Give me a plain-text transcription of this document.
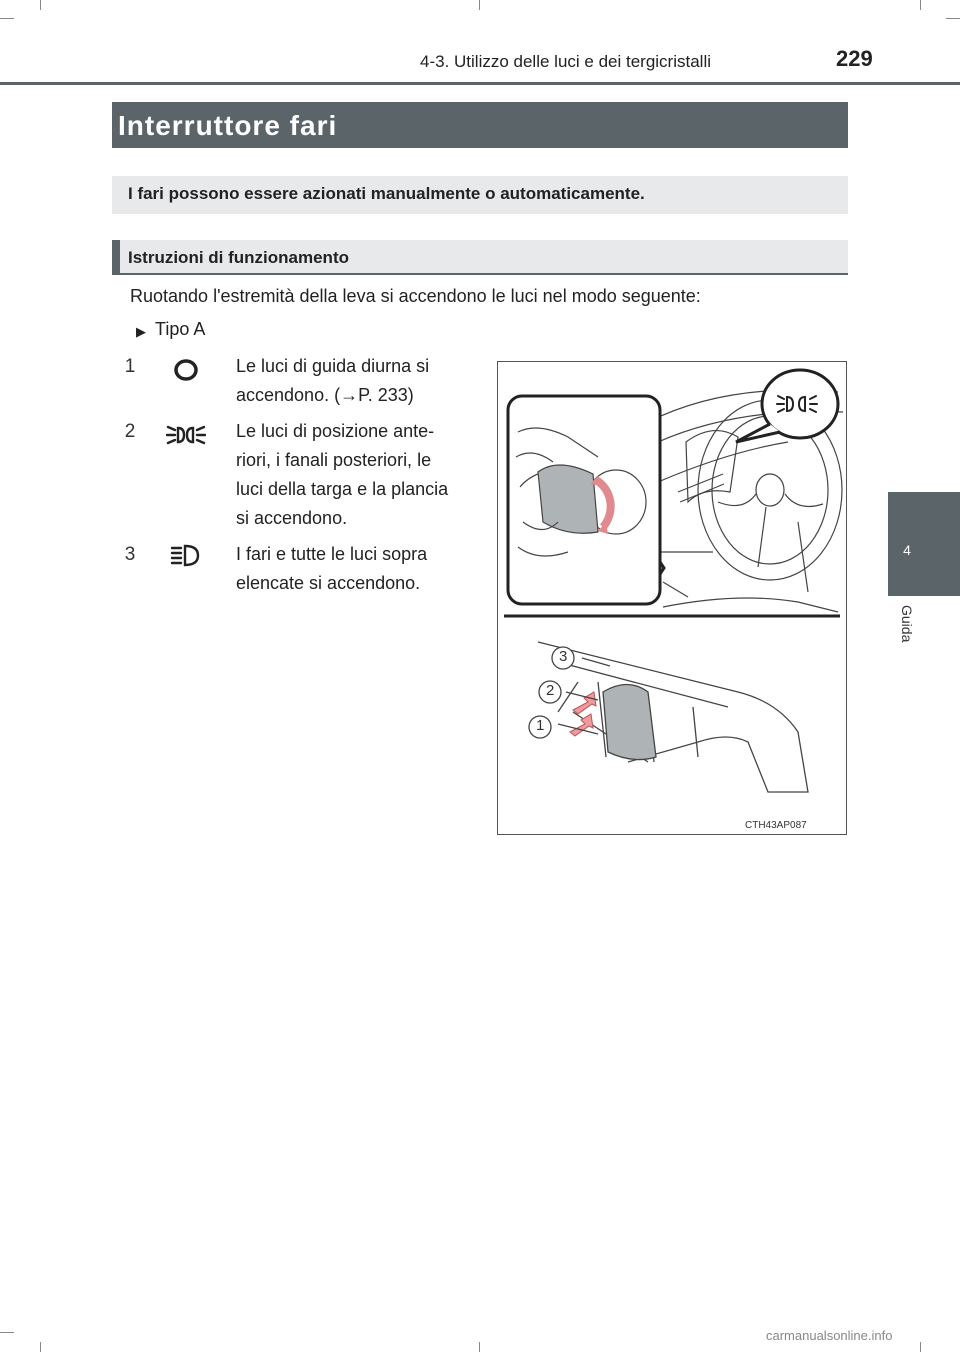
4-3. Utilizzo delle luci e dei tergicristalli	229
4
Guida
Interruttore fari
I fari possono essere azionati manualmente o automaticamente.
Istruzioni di funzionamento
Ruotando l'estremità della leva si accendono le luci nel modo seguente:
▶ Tipo A
1	Le luci di guida diurna si
accendono. (→P. 233)
2	Le luci di posizione ante-
riori, i fanali posteriori, le
luci della targa e la plancia
si accendono.
3	I fari e tutte le luci sopra
elencate si accendono.
3
2
1
CTH43AP087
carmanualsonline.info
